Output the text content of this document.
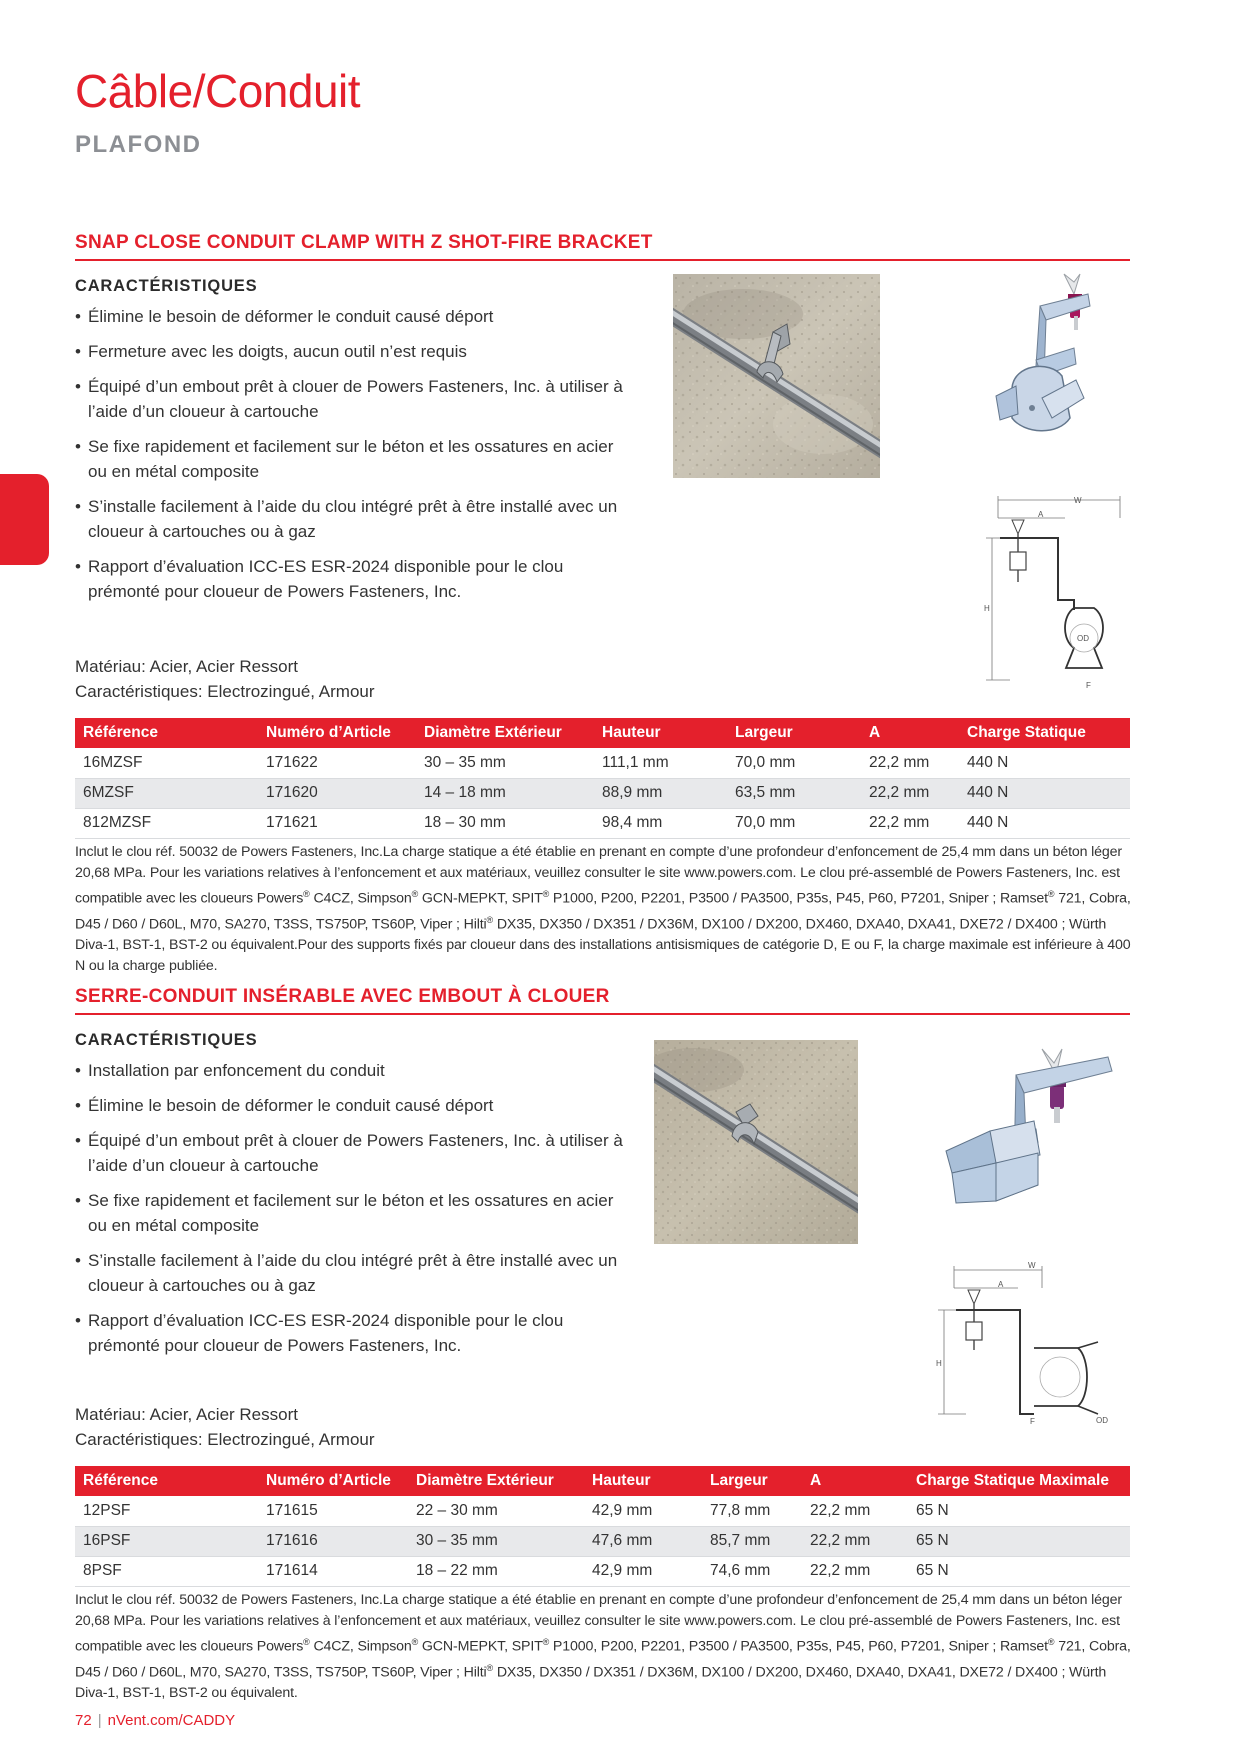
Câble/Conduit
PLAFOND
SNAP CLOSE CONDUIT CLAMP WITH Z SHOT-FIRE BRACKET
CARACTÉRISTIQUES
• Élimine le besoin de déformer le conduit causé déport
• Fermeture avec les doigts, aucun outil n’est requis
• Équipé d’un embout prêt à clouer de Powers Fasteners, Inc. à utiliser à l’aide d’un cloueur à cartouche
• Se fixe rapidement et facilement sur le béton et les ossatures en acier ou en métal composite
• S’installe facilement à l’aide du clou intégré prêt à être installé avec un cloueur à cartouches ou à gaz
• Rapport d’évaluation ICC-ES ESR-2024 disponible pour le clou prémonté pour cloueur de Powers Fasteners, Inc.
Matériau: Acier, Acier Ressort
Caractéristiques: Electrozingué, Armour
W
A
H
OD
F
Référence	Numéro d’Article	Diamètre Extérieur	Hauteur	Largeur	A	Charge Statique
16MZSF	171622	30 – 35 mm	111,1 mm	70,0 mm	22,2 mm	440 N
6MZSF	171620	14 – 18 mm	88,9 mm	63,5 mm	22,2 mm	440 N
812MZSF	171621	18 – 30 mm	98,4 mm	70,0 mm	22,2 mm	440 N
Inclut le clou réf. 50032 de Powers Fasteners, Inc.La charge statique a été établie en prenant en compte d’une profondeur d’enfoncement de 25,4 mm dans un béton léger 20,68 MPa. Pour les variations relatives à l’enfoncement et aux matériaux, veuillez consulter le site www.powers.com. Le clou pré-assemblé de Powers Fasteners, Inc. est compatible avec les cloueurs Powers® C4CZ, Simpson® GCN-MEPKT, SPIT® P1000, P200, P2201, P3500 / PA3500, P35s, P45, P60, P7201, Sniper ; Ramset® 721, Cobra, D45 / D60 / D60L, M70, SA270, T3SS, TS750P, TS60P, Viper ; Hilti® DX35, DX350 / DX351 / DX36M, DX100 / DX200, DX460, DXA40, DXA41, DXE72 / DX400 ; Würth Diva-1, BST-1, BST-2 ou équivalent.Pour des supports fixés par cloueur dans des installations antisismiques de catégorie D, E ou F, la charge maximale est inférieure à 400 N ou la charge publiée.
SERRE-CONDUIT INSÉRABLE AVEC EMBOUT À CLOUER
CARACTÉRISTIQUES
• Installation par enfoncement du conduit
• Élimine le besoin de déformer le conduit causé déport
• Équipé d’un embout prêt à clouer de Powers Fasteners, Inc. à utiliser à l’aide d’un cloueur à cartouche
• Se fixe rapidement et facilement sur le béton et les ossatures en acier ou en métal composite
• S’installe facilement à l’aide du clou intégré prêt à être installé avec un cloueur à cartouches ou à gaz
• Rapport d’évaluation ICC-ES ESR-2024 disponible pour le clou prémonté pour cloueur de Powers Fasteners, Inc.
Matériau: Acier, Acier Ressort
Caractéristiques: Electrozingué, Armour
W
A
H
OD
F
Référence	Numéro d’Article	Diamètre Extérieur	Hauteur	Largeur	A	Charge Statique Maximale
12PSF	171615	22 – 30 mm	42,9 mm	77,8 mm	22,2 mm	65 N
16PSF	171616	30 – 35 mm	47,6 mm	85,7 mm	22,2 mm	65 N
8PSF	171614	18 – 22 mm	42,9 mm	74,6 mm	22,2 mm	65 N
Inclut le clou réf. 50032 de Powers Fasteners, Inc.La charge statique a été établie en prenant en compte d’une profondeur d’enfoncement de 25,4 mm dans un béton léger 20,68 MPa. Pour les variations relatives à l’enfoncement et aux matériaux, veuillez consulter le site www.powers.com. Le clou pré-assemblé de Powers Fasteners, Inc. est compatible avec les cloueurs Powers® C4CZ, Simpson® GCN-MEPKT, SPIT® P1000, P200, P2201, P3500 / PA3500, P35s, P45, P60, P7201, Sniper ; Ramset® 721, Cobra, D45 / D60 / D60L, M70, SA270, T3SS, TS750P, TS60P, Viper ; Hilti® DX35, DX350 / DX351 / DX36M, DX100 / DX200, DX460, DXA40, DXA41, DXE72 / DX400 ; Würth Diva-1, BST-1, BST-2 ou équivalent.
72 | nVent.com/CADDY
